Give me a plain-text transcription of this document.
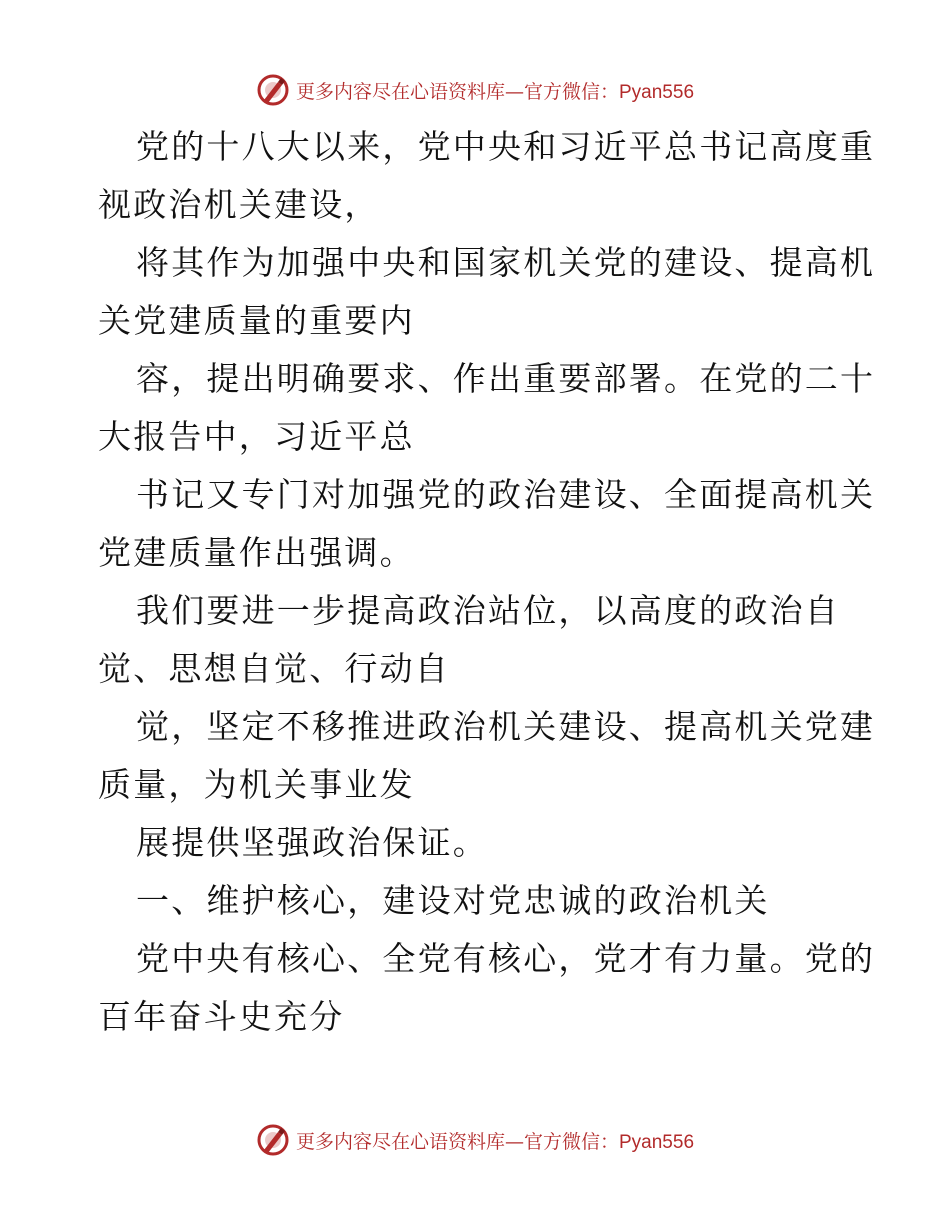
更多内容尽在心语资料库— 官方微信：Pyan556
党的十八大以来，党中央和习近平总书记高度重
视政治机关建设，
将其作为加强中央和国家机关党的建设、提高机
关党建质量的重要内
容，提出明确要求、作出重要部署。在党的二十
大报告中，习近平总
书记又专门对加强党的政治建设、全面提高机关
党建质量作出强调。
我们要进一步提高政治站位，以高度的政治自
觉、思想自觉、行动自
觉，坚定不移推进政治机关建设、提高机关党建
质量，为机关事业发
展提供坚强政治保证。
一、维护核心，建设对党忠诚的政治机关
党中央有核心、全党有核心，党才有力量。党的
百年奋斗史充分
更多内容尽在心语资料库— 官方微信：Pyan556
